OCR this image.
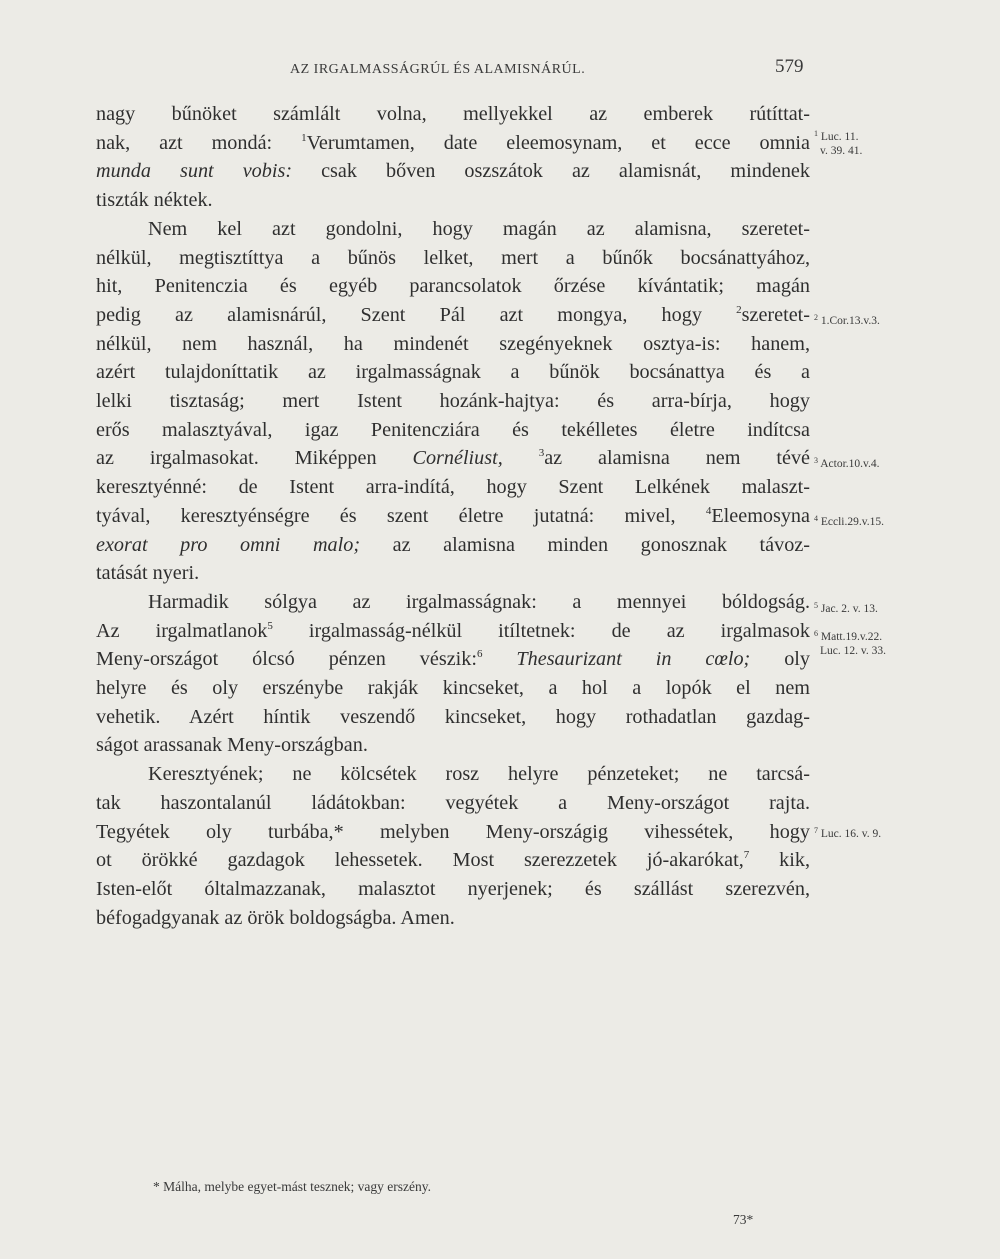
AZ IRGALMASSÁGRÚL ÉS ALAMISNÁRÚL.	579

nagy bűnöket számlált volna, mellyekkel az emberek rútíttat-

nak, azt mondá: $^1$Verumtamen, date eleemosynam, et ecce omnia

munda sunt vobis: csak bőven oszszátok az alamisnát, mindenek

tiszták néktek.

Nem kel azt gondolni, hogy magán az alamisna, szeretet-

nélkül, megtisztíttya a bűnös lelket, mert a bűnők bocsánattyához,

hit, Penitenczia és egyéb parancsolatok őrzése kívántatik; magán

pedig az alamisnárúl, Szent Pál azt mongya, hogy $^2$szeretet-

nélkül, nem használ, ha mindenét szegényeknek osztya-is: hanem,

azért tulajdoníttatik az irgalmasságnak a bűnök bocsánattya és a

lelki tisztaság; mert Istent hozánk-hajtya: és arra-bírja, hogy

erős malasztyával, igaz Penitencziára és tekélletes életre indítcsa

az irgalmasokat. Miképpen Cornéliust,	$^3$az alamisna nem tévé

keresztyénné: de Istent arra-indítá, hogy Szent Lelkének malaszt-

tyával, keresztyénségre és szent életre jutatná: mivel, $^4$Eleemosyna

exorat pro omni malo; az alamisna minden gonosznak távoz-

tatását nyeri.

Harmadik sólgya az irgalmasságnak: a mennyei bóldogság.

Az irgalmatlanok$^5$ irgalmasság-nélkül itíltetnek: de az irgalmasok

Meny-országot ólcsó pénzen vészik:$^6$ Thesaurizant in cœlo; oly

helyre és oly erszénybe rakják kincseket, a hol a lopók el nem

vehetik. Azért híntik veszendő kincseket, hogy rothadatlan gazdag-

ságot arassanak Meny-országban.

Keresztyének; ne kölcsétek rosz helyre pénzeteket; ne tarcsá-

tak haszontalanúl ládátokban: vegyétek a Meny-országot rajta.

Tegyétek oly turbába,* melyben Meny-országig vihessétek, hogy

ot örökké gazdagok lehessetek. Most szerezzetek jó-akarókat,$^7$ kik,

Isten-előt óltalmazzanak, malasztot nyerjenek; és szállást szerezvén,

béfogadgyanak az örök boldogságba. Amen.

$^1$ Luc. 11.
v. 39. 41.
$^2$ 1.Cor.13.v.3.
$^3$ Actor.10.v.4.
$^4$ Eccli.29.v.15.
$^5$ Jac. 2. v. 13.
$^6$ Matt.19.v.22.
Luc. 12. v. 33.
$^7$ Luc. 16. v. 9.
* Málha, melybe egyet-mást tesznek; vagy erszény.
73*
